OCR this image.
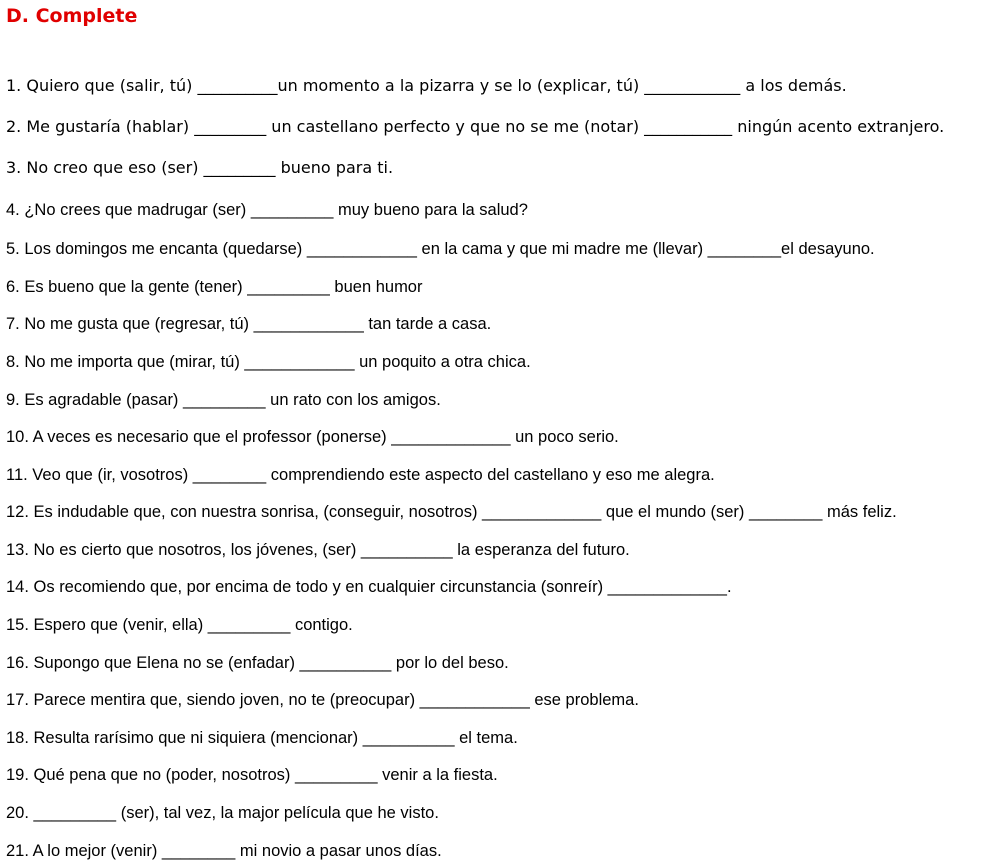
D. Complete
1. Quiero que (salir, tú) __________un momento a la pizarra y se lo (explicar, tú) ____________ a los demás.
2. Me gustaría (hablar) _________ un castellano perfecto y que no se me (notar) ___________ ningún acento extranjero.
3. No creo que eso (ser) _________ bueno para ti.
4. ¿No crees que madrugar (ser) _________ muy bueno para la salud?
5. Los domingos me encanta (quedarse) ____________ en la cama y que mi madre me (llevar) ________el desayuno.
6. Es bueno que la gente (tener) _________ buen humor
7. No me gusta que (regresar, tú) ____________ tan tarde a casa.
8. No me importa que (mirar, tú) ____________ un poquito a otra chica.
9. Es agradable (pasar) _________ un rato con los amigos.
10. A veces es necesario que el professor (ponerse) _____________ un poco serio.
11. Veo que (ir, vosotros) ________ comprendiendo este aspecto del castellano y eso me alegra.
12. Es indudable que, con nuestra sonrisa, (conseguir, nosotros) _____________ que el mundo (ser) ________ más feliz.
13. No es cierto que nosotros, los jóvenes, (ser) __________ la esperanza del futuro.
14. Os recomiendo que, por encima de todo y en cualquier circunstancia (sonreír) _____________.
15. Espero que (venir, ella) _________ contigo.
16. Supongo que Elena no se (enfadar) __________ por lo del beso.
17. Parece mentira que, siendo joven, no te (preocupar) ____________ ese problema.
18. Resulta rarísimo que ni siquiera (mencionar) __________ el tema.
19. Qué pena que no (poder, nosotros) _________ venir a la fiesta.
20. _________ (ser), tal vez, la major película que he visto.
21. A lo mejor (venir) ________ mi novio a pasar unos días.
